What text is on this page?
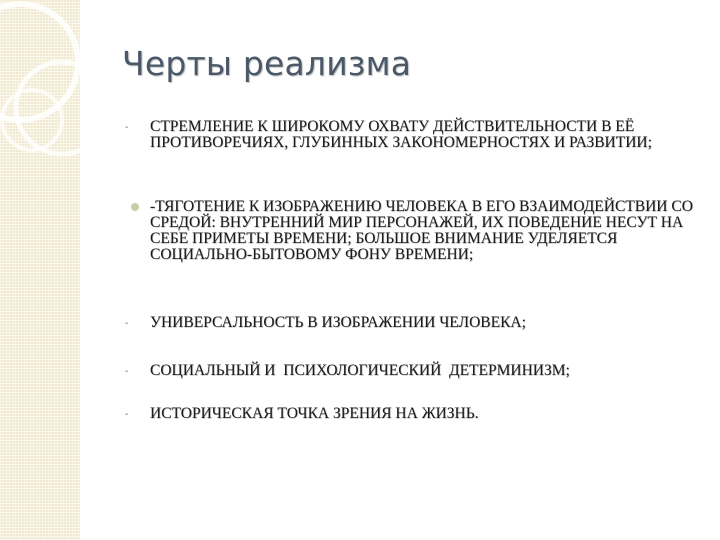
Черты реализма
- СТРЕМЛЕНИЕ К ШИРОКОМУ ОХВАТУ ДЕЙСТВИТЕЛЬНОСТИ В ЕЁ ПРОТИВОРЕЧИЯХ, ГЛУБИННЫХ ЗАКОНОМЕРНОСТЯХ И РАЗВИТИИ;
-ТЯГОТЕНИЕ К ИЗОБРАЖЕНИЮ ЧЕЛОВЕКА В ЕГО ВЗАИМОДЕЙСТВИИ СО СРЕДОЙ: ВНУТРЕННИЙ МИР ПЕРСОНАЖЕЙ, ИХ ПОВЕДЕНИЕ НЕСУТ НА СЕБЕ ПРИМЕТЫ ВРЕМЕНИ; БОЛЬШОЕ ВНИМАНИЕ УДЕЛЯЕТСЯ СОЦИАЛЬНО-БЫТОВОМУ ФОНУ ВРЕМЕНИ;
- УНИВЕРСАЛЬНОСТЬ В ИЗОБРАЖЕНИИ ЧЕЛОВЕКА;
- СОЦИАЛЬНЫЙ И  ПСИХОЛОГИЧЕСКИЙ  ДЕТЕРМИНИЗМ;
- ИСТОРИЧЕСКАЯ ТОЧКА ЗРЕНИЯ НА ЖИЗНЬ.
